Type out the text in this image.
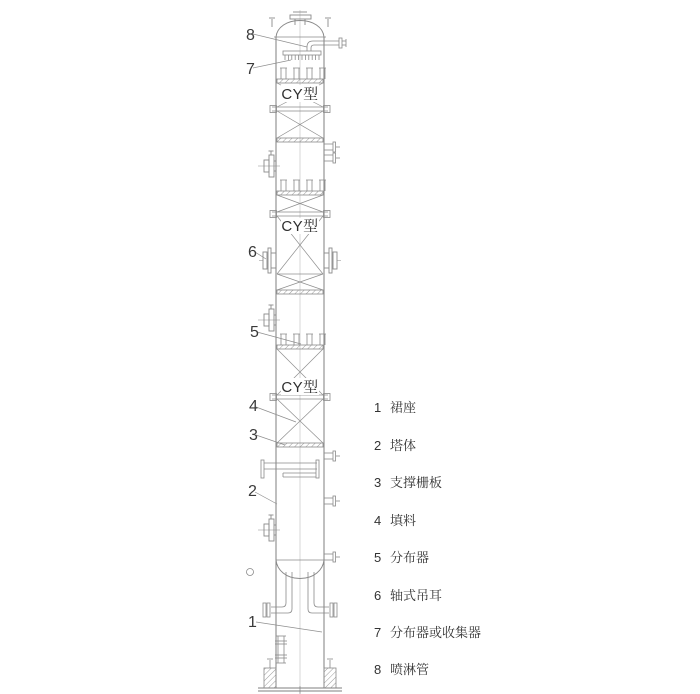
CY型
CY型
CY型
8
7
6
5
4
3
2
1
1 裙座
2 塔体
3 支撑栅板
4 填料
5 分布器
6 轴式吊耳
7 分布器或收集器
8 喷淋管
